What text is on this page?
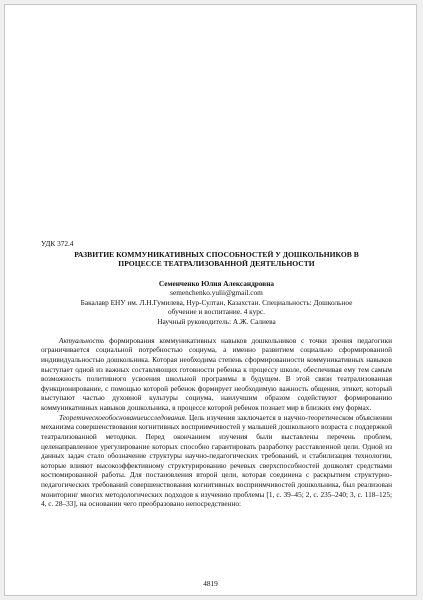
УДК 372.4

РАЗВИТИЕ КОММУНИКАТИВНЫХ СПОСОБНОСТЕЙ У ДОШКОЛЬНИКОВ В
ПРОЦЕССЕ ТЕАТРАЛИЗОВАННОЙ ДЕЯТЕЛЬНОСТИ

Семенченко Юлия Александровна

semenchenko.yulii@gmail.com

Бакалавр ЕНУ им. Л.Н.Гумилева, Нур-Султан, Казахстан. Специальность: Дошкольное
обучение и воспитание. 4 курс.

Научный руководитель: А.Ж. Салиева

Актуальность формирования коммуникативных навыков дошкольников с точки зрения педагогики ограничивается социальной потребностью социума, а именно развитием социально сформированной индивидуальностью дошкольника. Которая необходима степень сформированности коммуникативных навыков выступает одной из важных составляющих готовности ребенка к процессу школе, обеспечивая ему тем самым возможность политивного усвоения школьной программы в будущем. В этой связи театрализованная функционирование, с помощью которой ребенок формирует необходимую важность общения, этикет, который выступают частью духовной культуры социума, наилучшим образом содействуют формированию коммуникативных навыков дошкольника, в процессе которой ребенок познает мир в близких ему формах.

Теоретическоеобоснованиеисследования. Цель изучения заключается в научно-теоретическом объяснении механизма совершенствования когнитивных восприимчивостей у малышей дошкольного возраста с поддержкой театрализованной методики. Перед окончанием изучения были выставлены перечень проблем, целенаправленное урегулирование которых способно гарантировать разработку расставленной цели. Одной из данных задач стало обозначение структуры научно-педагогических требований, и стабилизация технологии, которые влияют высокоэффективному структурированию речевых сверхспособностей дошколят средствами костюмированной работы. Для постановления второй цели, которая соединена с раскрытием структурно-педагогических требований совершенствования когнитивных восприимчивостей дошкольника, был реализован мониторинг многих методологических подходов к изучению проблемы [1, с. 39–45; 2, с. 235–240; 3, с. 118–125; 4, с. 28–33], на основании чего преобразовано непосредственно:

4819
